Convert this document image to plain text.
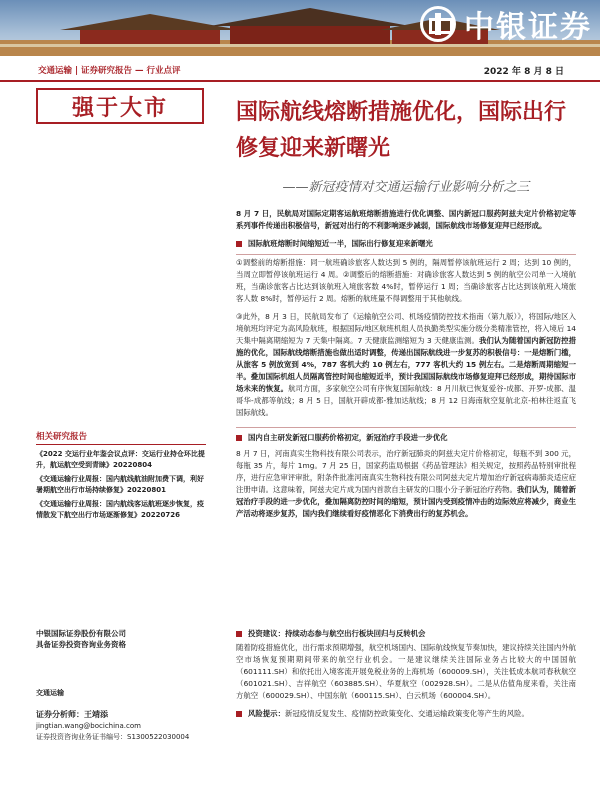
中银证券
交通运输 | 证券研究报告 — 行业点评	2022 年 8 月 8 日
强于大市	国际航线熔断措施优化，国际出行修复迎来新曙光
——新冠疫情对交通运输行业影响分析之三

8 月 7 日，民航局对国际定期客运航班熔断措施进行优化调整、国内新冠口服药阿兹夫定片价格初定等系列事件传递出积极信号，新冠对出行的不利影响逐步减弱，国际航线市场修复迎拜已经形成。

国际航班熔断时间缩短近一半，国际出行修复迎来新曙光

①调整前的熔断措施：同一航班确诊旅客人数达到 5 例的，隔周暂停该航班运行 2 周；达到 10 例的，当周立即暂停该航班运行 4 周。②调整后的熔断措施：对确诊旅客人数达到 5 例的航空公司单一入境航班，当确诊旅客占比达到该航班入境旅客数 4%时，暂停运行 1 周；当确诊旅客占比达到该航班入境旅客人数 8%时，暂停运行 2 周。熔断的航班量不得调整用于其他航线。

③此外，8 月 3 日，民航局发布了《运输航空公司、机场疫情防控技术指南（第九版）》，将国际/地区入境航班均评定为高风险航班，根据国际/地区航班机组人员执勤类型实施分级分类精准管控，将入境后 14 天集中隔离期缩短为 7 天集中隔离。7 天健康监测缩短为 3 天健康监测。我们认为随着国内新冠防控措施的优化，国际航线熔断措施也做出适时调整，传递出国际航线进一步复苏的积极信号：一是熔断门槛，从旅客 5 例放宽到 4%，787 客机大约 10 例左右，777 客机大约 15 例左右。二是熔断周期缩短一半。叠加国际机组人员隔离管控时间也缩短近半，预计我国国际航线市场修复迎拜已经形成，期待国际市场未来的恢复。航司方面，多家航空公司有序恢复国际航线：8 月川航已恢复爱谷-成都、开罗-成都、温哥华-成都等航线；8 月 5 日，国航开辟成都-雅加达航线；8 月 12 日海南航空复航北京-柏林往返直飞国际航线。

国内自主研发新冠口服药价格初定，新冠治疗手段进一步优化

8 月 7 日，河南真实生物科技有限公司表示，治疗新冠肺炎的阿兹夫定片价格初定，每瓶不到 300 元，每瓶 35 片，每片 1mg。7 月 25 日，国家药监局根据《药品管理法》相关规定，按照药品特别审批程序，进行应急审评审批，附条件批准河南真实生物科技有限公司阿兹夫定片增加治疗新冠病毒肺炎适应症注册申请。这意味着，阿兹夫定片成为国内首款自主研发的口服小分子新冠治疗药物。我们认为，随着新冠治疗手段的进一步优化，叠加隔离防控时间的缩短，预计国内受到疫情冲击的边际效应将减少，商业生产活动将逐步复苏，国内我们继续看好疫情恶化下消费出行的复苏机会。

相关研究报告
《2022 交运行业年鉴会议点评：交运行业持仓环比提升，航运航空受到青睐》20220804
《交通运输行业周报：国内航线航油附加费下调，利好暑期航空出行市场持续修复》20220801
《交通运输行业周报：国内航线客运航班逐步恢复，疫情散发下航空出行市场逐渐修复》20220726
中银国际证券股份有限公司
具备证券投资咨询业务资格
交通运输
证券分析师：王靖添
jingtian.wang@bocichina.com
证券投资咨询业务证书编号：S1300522030004
投资建议：持续动态参与航空出行板块回归与反转机会

随着防疫措施优化，出行需求预期增强，航空机场国内、国际航线恢复节奏加快，建议持续关注国内外航空市场恢复预期期间带来的航空行业机会。一是建议继续关注国际业务占比较大的中国国航（601111.SH）和依托出入境客流开展免税业务的上海机场（600009.SH），关注低成本航司春秋航空（601021.SH）、吉祥航空（603885.SH）、华夏航空（002928.SH）。二是从估值角度来看，关注南方航空（600029.SH）、中国东航（600115.SH）、白云机场（600004.SH）。

风险提示：新冠疫情反复发生、疫情防控政策变化、交通运输政策变化等产生的风险。
